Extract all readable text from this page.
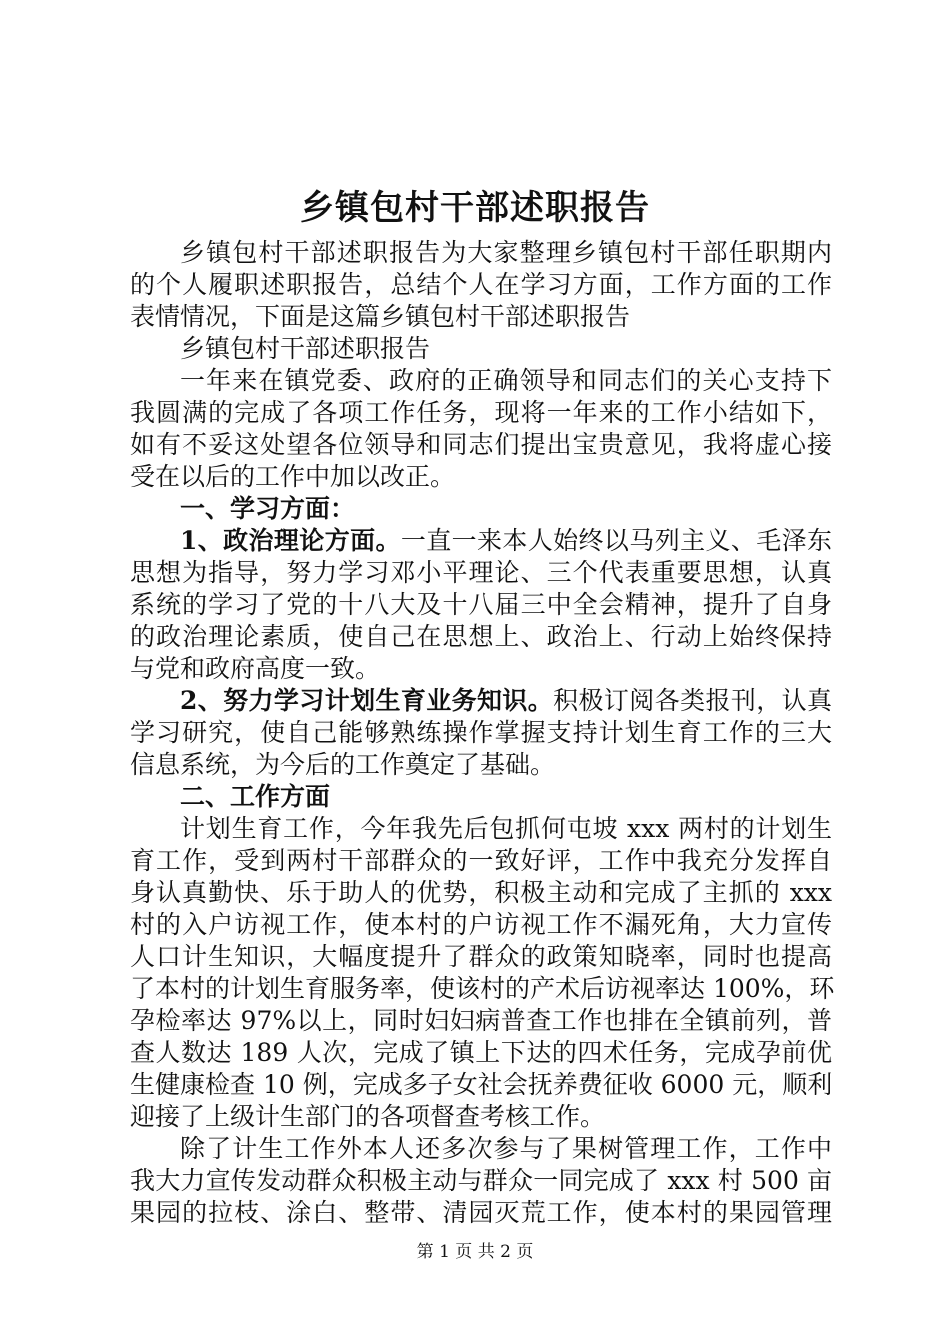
乡镇包村干部述职报告
乡镇包村干部述职报告为大家整理乡镇包村干部任职期内
的个人履职述职报告，总结个人在学习方面，工作方面的工作
表情情况，下面是这篇乡镇包村干部述职报告
乡镇包村干部述职报告
一年来在镇党委、政府的正确领导和同志们的关心支持下
我圆满的完成了各项工作任务，现将一年来的工作小结如下，
如有不妥这处望各位领导和同志们提出宝贵意见，我将虚心接
受在以后的工作中加以改正。
一、学习方面：
1、政治理论方面。一直一来本人始终以马列主义、毛泽东
思想为指导，努力学习邓小平理论、三个代表重要思想，认真
系统的学习了党的十八大及十八届三中全会精神，提升了自身
的政治理论素质，使自己在思想上、政治上、行动上始终保持
与党和政府高度一致。
2、努力学习计划生育业务知识。积极订阅各类报刊，认真
学习研究，使自己能够熟练操作掌握支持计划生育工作的三大
信息系统，为今后的工作奠定了基础。
二、工作方面
计划生育工作，今年我先后包抓何屯坡 xxx 两村的计划生
育工作，受到两村干部群众的一致好评，工作中我充分发挥自
身认真勤快、乐于助人的优势，积极主动和完成了主抓的 xxx
村的入户访视工作，使本村的户访视工作不漏死角，大力宣传
人口计生知识，大幅度提升了群众的政策知晓率，同时也提高
了本村的计划生育服务率，使该村的产术后访视率达 100%，环
孕检率达 97%以上，同时妇妇病普查工作也排在全镇前列，普
查人数达 189 人次，完成了镇上下达的四术任务，完成孕前优
生健康检查 10 例，完成多子女社会抚养费征收 6000 元，顺利
迎接了上级计生部门的各项督查考核工作。
除了计生工作外本人还多次参与了果树管理工作，工作中
我大力宣传发动群众积极主动与群众一同完成了 xxx 村 500 亩
果园的拉枝、涂白、整带、清园灭荒工作，使本村的果园管理
第 1 页 共 2 页
